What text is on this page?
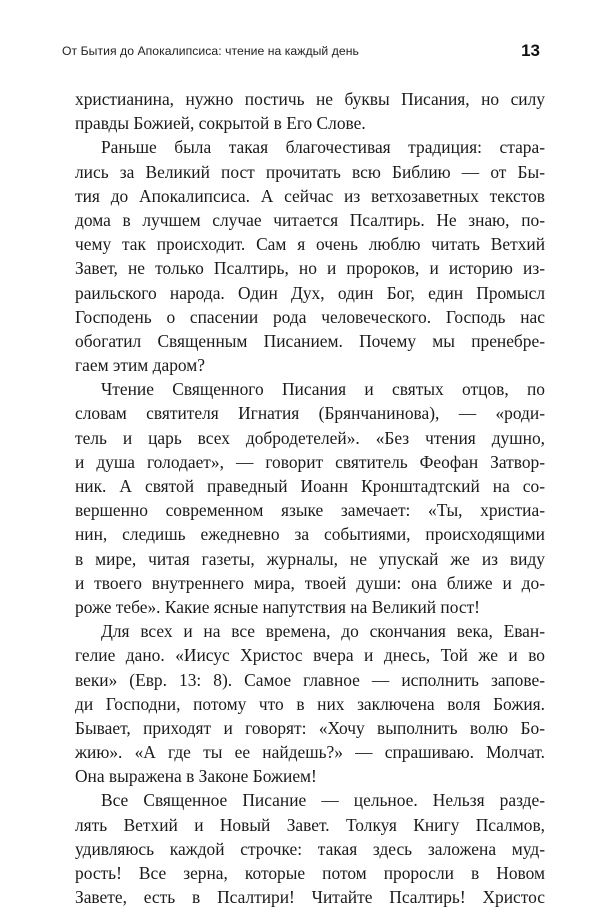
От Бытия до Апокалипсиса: чтение на каждый день	13

христианина, нужно постичь не буквы Писания, но силу
правды Божией, сокрытой в Его Слове.

Раньше была такая благочестивая традиция: стара-
лись за Великий пост прочитать всю Библию — от Бы-
тия до Апокалипсиса. А сейчас из ветхозаветных текстов
дома в лучшем случае читается Псалтирь. Не знаю, по-
чему так происходит. Сам я очень люблю читать Ветхий
Завет, не только Псалтирь, но и пророков, и историю из-
раильского народа. Один Дух, один Бог, един Промысл
Господень о спасении рода человеческого. Господь нас
обогатил Священным Писанием. Почему мы пренебре-
гаем этим даром?

Чтение Священного Писания и святых отцов, по
словам святителя Игнатия (Брянчанинова), — «роди-
тель и царь всех добродетелей». «Без чтения душно,
и душа голодает», — говорит святитель Феофан Затвор-
ник. А святой праведный Иоанн Кронштадтский на со-
вершенно современном языке замечает: «Ты, христиа-
нин, следишь ежедневно за событиями, происходящими
в мире, читая газеты, журналы, не упускай же из виду
и твоего внутреннего мира, твоей души: она ближе и до-
роже тебе». Какие ясные напутствия на Великий пост!

Для всех и на все времена, до скончания века, Еван-
гелие дано. «Иисус Христос вчера и днесь, Той же и во
веки» (Евр. 13: 8). Самое главное — исполнить запове-
ди Господни, потому что в них заключена воля Божия.
Бывает, приходят и говорят: «Хочу выполнить волю Бо-
жию». «А где ты ее найдешь?» — спрашиваю. Молчат.
Она выражена в Законе Божием!

Все Священное Писание — цельное. Нельзя разде-
лять Ветхий и Новый Завет. Толкуя Книгу Псалмов,
удивляюсь каждой строчке: такая здесь заложена муд-
рость! Все зерна, которые потом проросли в Новом
Завете, есть в Псалтири! Читайте Псалтирь! Христос
